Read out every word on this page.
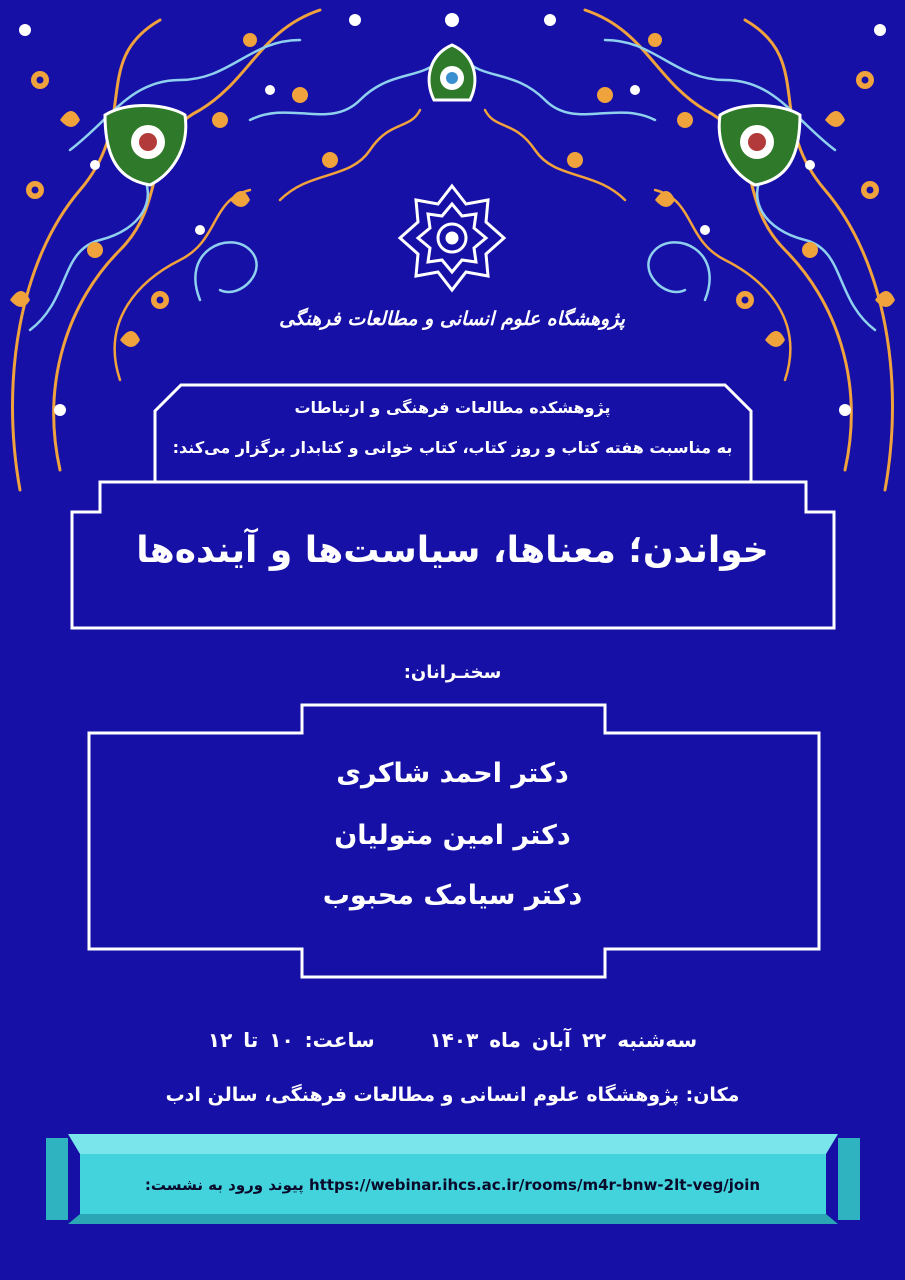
پژوهشگاه علوم انسانی و مطالعات فرهنگی
پژوهشکده مطالعات فرهنگی و ارتباطات
به مناسبت هفته کتاب و روز کتاب، کتاب خوانی و کتابدار برگزار می‌کند:
خواندن؛ معناها، سیاست‌ها و آینده‌ها
سخنـرانان:
دکتر احمد شاکری
دکتر امین متولیان
دکتر سیامک محبوب
سه‌شنبه ۲۲ آبان ماه ۱۴۰۳     ساعت: ۱۰ تا ۱۲
مکان: پژوهشگاه علوم انسانی و مطالعات فرهنگی، سالن ادب
پیوند ورود به نشست: https://webinar.ihcs.ac.ir/rooms/m4r-bnw-2lt-veg/join
